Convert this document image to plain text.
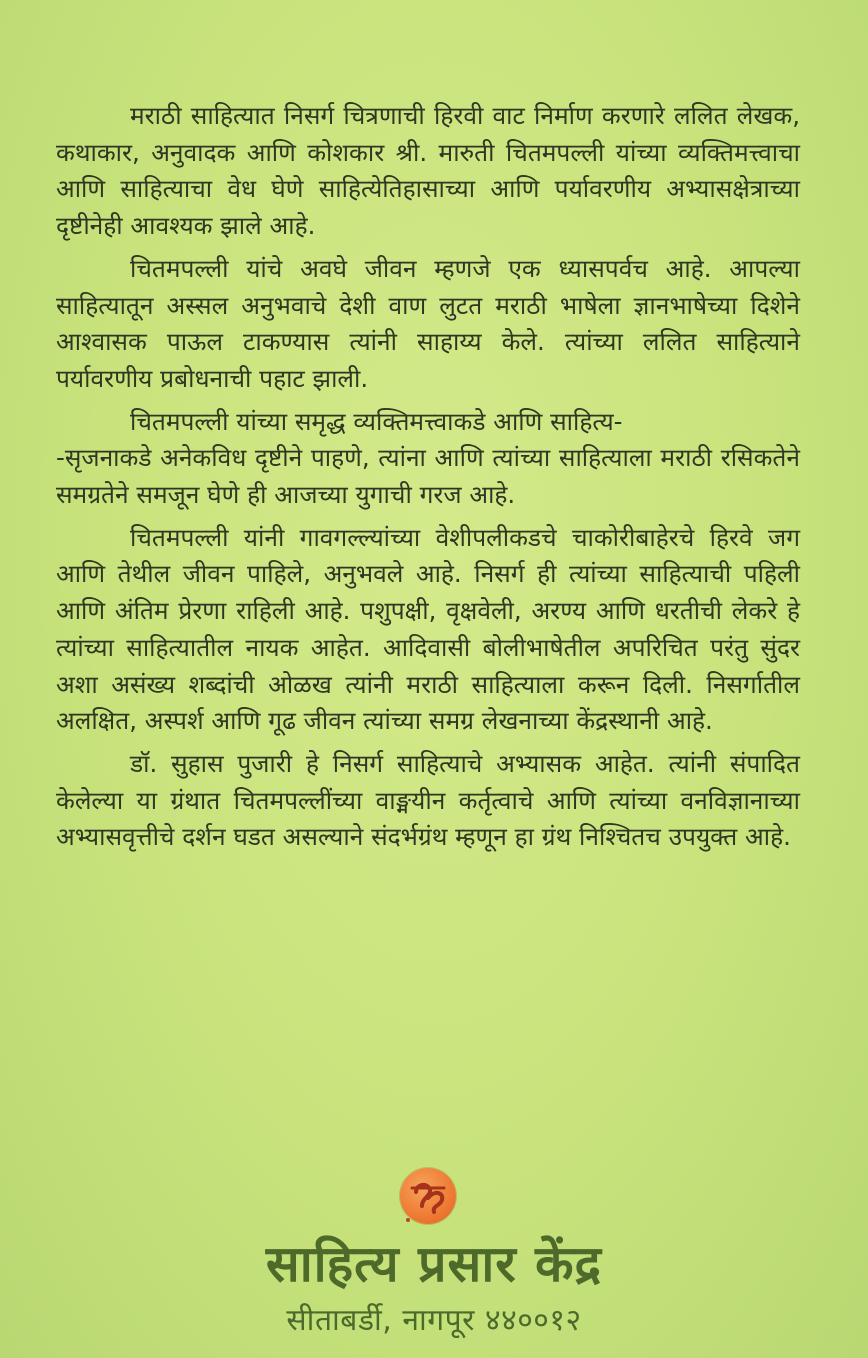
मराठी साहित्यात निसर्ग चित्रणाची हिरवी वाट निर्माण करणारे ललित लेखक, कथाकार, अनुवादक आणि कोशकार श्री. मारुती चितमपल्ली यांच्या व्यक्तिमत्त्वाचा आणि साहित्याचा वेध घेणे साहित्येतिहासाच्या आणि पर्यावरणीय अभ्यासक्षेत्राच्या दृष्टीनेही आवश्यक झाले आहे.

चितमपल्ली यांचे अवघे जीवन म्हणजे एक ध्यासपर्वच आहे. आपल्या साहित्यातून अस्सल अनुभवाचे देशी वाण लुटत मराठी भाषेला ज्ञानभाषेच्या दिशेने आश्वासक पाऊल टाकण्यास त्यांनी साहाय्य केले. त्यांच्या ललित साहित्याने पर्यावरणीय प्रबोधनाची पहाट झाली.

चितमपल्ली यांच्या समृद्ध व्यक्तिमत्त्वाकडे आणि साहित्य-
-सृजनाकडे अनेकविध दृष्टीने पाहणे, त्यांना आणि त्यांच्या साहित्याला मराठी रसिकतेने समग्रतेने समजून घेणे ही आजच्या युगाची गरज आहे.

चितमपल्ली यांनी गावगल्ल्यांच्या वेशीपलीकडचे चाकोरीबाहेरचे हिरवे जग आणि तेथील जीवन पाहिले, अनुभवले आहे. निसर्ग ही त्यांच्या साहित्याची पहिली आणि अंतिम प्रेरणा राहिली आहे. पशुपक्षी, वृक्षवेली, अरण्य आणि धरतीची लेकरे हे त्यांच्या साहित्यातील नायक आहेत. आदिवासी बोलीभाषेतील अपरिचित परंतु सुंदर अशा असंख्य शब्दांची ओळख त्यांनी मराठी साहित्याला करून दिली. निसर्गातील अलक्षित, अस्पर्श आणि गूढ जीवन त्यांच्या समग्र लेखनाच्या केंद्रस्थानी आहे.

डॉ. सुहास पुजारी हे निसर्ग साहित्याचे अभ्यासक आहेत. त्यांनी संपादित केलेल्या या ग्रंथात चितमपल्लींच्या वाङ्मयीन कर्तृत्वाचे आणि त्यांच्या वनविज्ञानाच्या अभ्यासवृत्तीचे दर्शन घडत असल्याने संदर्भग्रंथ म्हणून हा ग्रंथ निश्चितच उपयुक्त आहे.

साहित्य प्रसार केंद्र
सीताबर्डी, नागपूर ४४००१२
